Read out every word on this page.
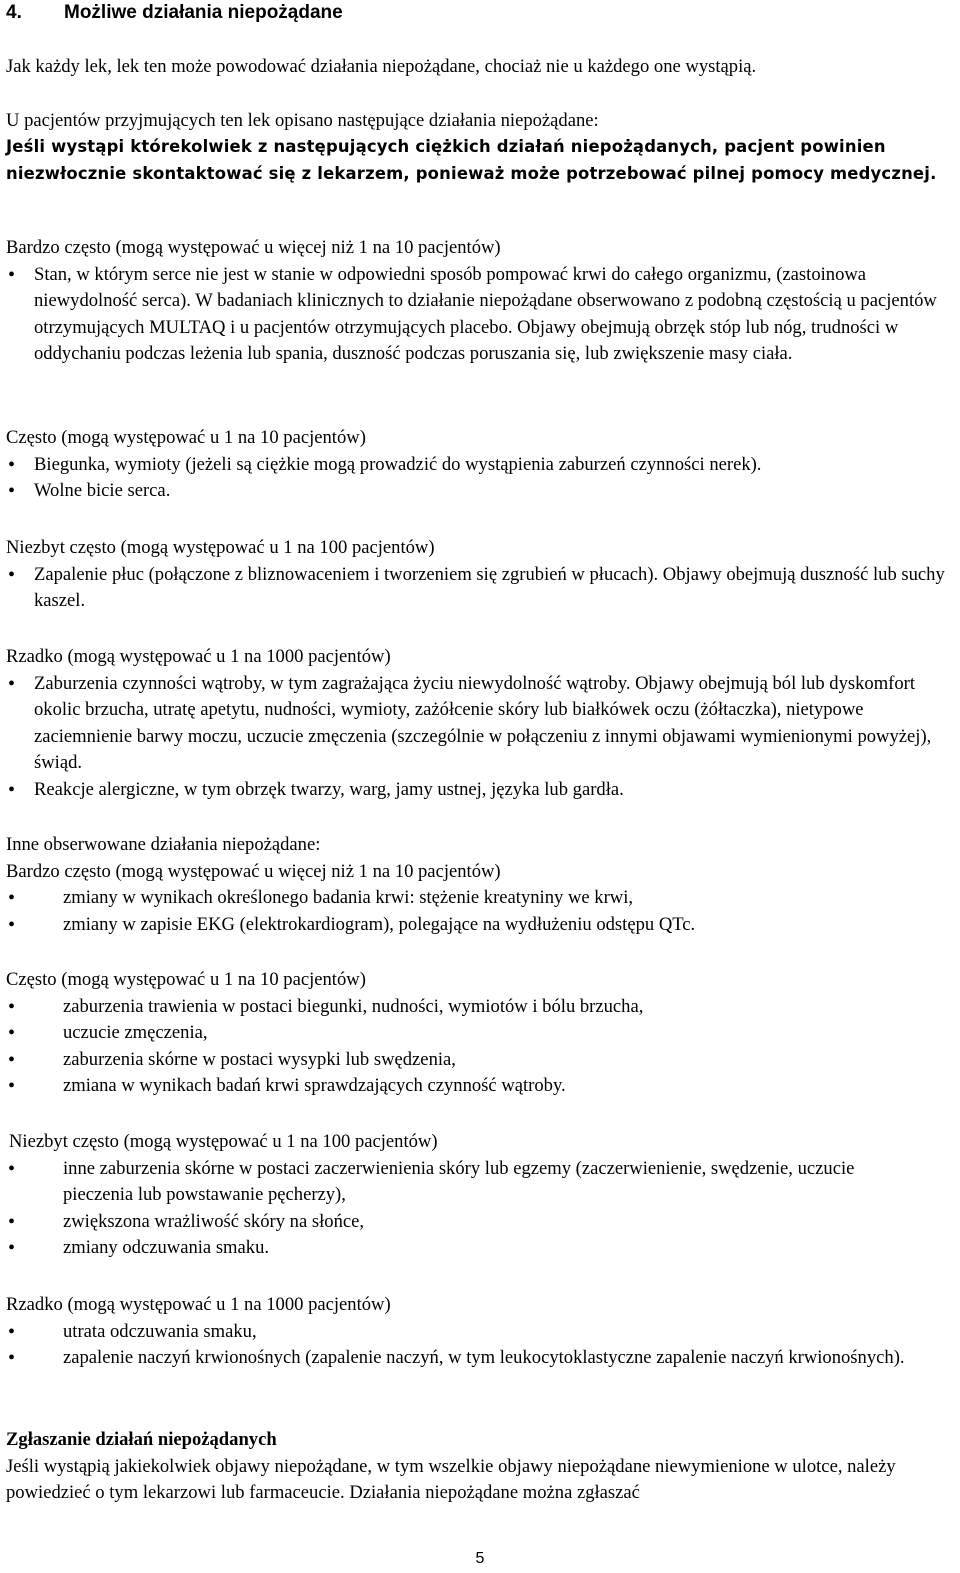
4. Możliwe działania niepożądane

Jak każdy lek, lek ten może powodować działania niepożądane, chociaż nie u każdego one wystąpią.

U pacjentów przyjmujących ten lek opisano następujące działania niepożądane:

Jeśli wystąpi którekolwiek z następujących ciężkich działań niepożądanych, pacjent powinien niezwłocznie skontaktować się z lekarzem, ponieważ może potrzebować pilnej pomocy medycznej.

Bardzo często (mogą występować u więcej niż 1 na 10 pacjentów)

• Stan, w którym serce nie jest w stanie w odpowiedni sposób pompować krwi do całego organizmu, (zastoinowa niewydolność serca). W badaniach klinicznych to działanie niepożądane obserwowano z podobną częstością u pacjentów otrzymujących MULTAQ i u pacjentów otrzymujących placebo. Objawy obejmują obrzęk stóp lub nóg, trudności w oddychaniu podczas leżenia lub spania, duszność podczas poruszania się, lub zwiększenie masy ciała.

Często (mogą występować u 1 na 10 pacjentów)

• Biegunka, wymioty (jeżeli są ciężkie mogą prowadzić do wystąpienia zaburzeń czynności nerek).
• Wolne bicie serca.

Niezbyt często (mogą występować u 1 na 100 pacjentów)

• Zapalenie płuc (połączone z bliznowaceniem i tworzeniem się zgrubień w płucach). Objawy obejmują duszność lub suchy kaszel.

Rzadko (mogą występować u 1 na 1000 pacjentów)

• Zaburzenia czynności wątroby, w tym zagrażająca życiu niewydolność wątroby. Objawy obejmują ból lub dyskomfort okolic brzucha, utratę apetytu, nudności, wymioty, zażółcenie skóry lub białkówek oczu (żółtaczka), nietypowe zaciemnienie barwy moczu, uczucie zmęczenia (szczególnie w połączeniu z innymi objawami wymienionymi powyżej), świąd.
• Reakcje alergiczne, w tym obrzęk twarzy, warg, jamy ustnej, języka lub gardła.

Inne obserwowane działania niepożądane:

Bardzo często (mogą występować u więcej niż 1 na 10 pacjentów)

• zmiany w wynikach określonego badania krwi: stężenie kreatyniny we krwi,
• zmiany w zapisie EKG (elektrokardiogram), polegające na wydłużeniu odstępu QTc.

Często (mogą występować u 1 na 10 pacjentów)

• zaburzenia trawienia w postaci biegunki, nudności, wymiotów i bólu brzucha,
• uczucie zmęczenia,
• zaburzenia skórne w postaci wysypki lub swędzenia,
• zmiana w wynikach badań krwi sprawdzających czynność wątroby.

Niezbyt często (mogą występować u 1 na 100 pacjentów)

• inne zaburzenia skórne w postaci zaczerwienienia skóry lub egzemy (zaczerwienienie, swędzenie, uczucie pieczenia lub powstawanie pęcherzy),
• zwiększona wrażliwość skóry na słońce,
• zmiany odczuwania smaku.

Rzadko (mogą występować u 1 na 1000 pacjentów)

• utrata odczuwania smaku,
• zapalenie naczyń krwionośnych (zapalenie naczyń, w tym leukocytoklastyczne zapalenie naczyń krwionośnych).

Zgłaszanie działań niepożądanych

Jeśli wystąpią jakiekolwiek objawy niepożądane, w tym wszelkie objawy niepożądane niewymienione w ulotce, należy powiedzieć o tym lekarzowi lub farmaceucie. Działania niepożądane można zgłaszać

5
